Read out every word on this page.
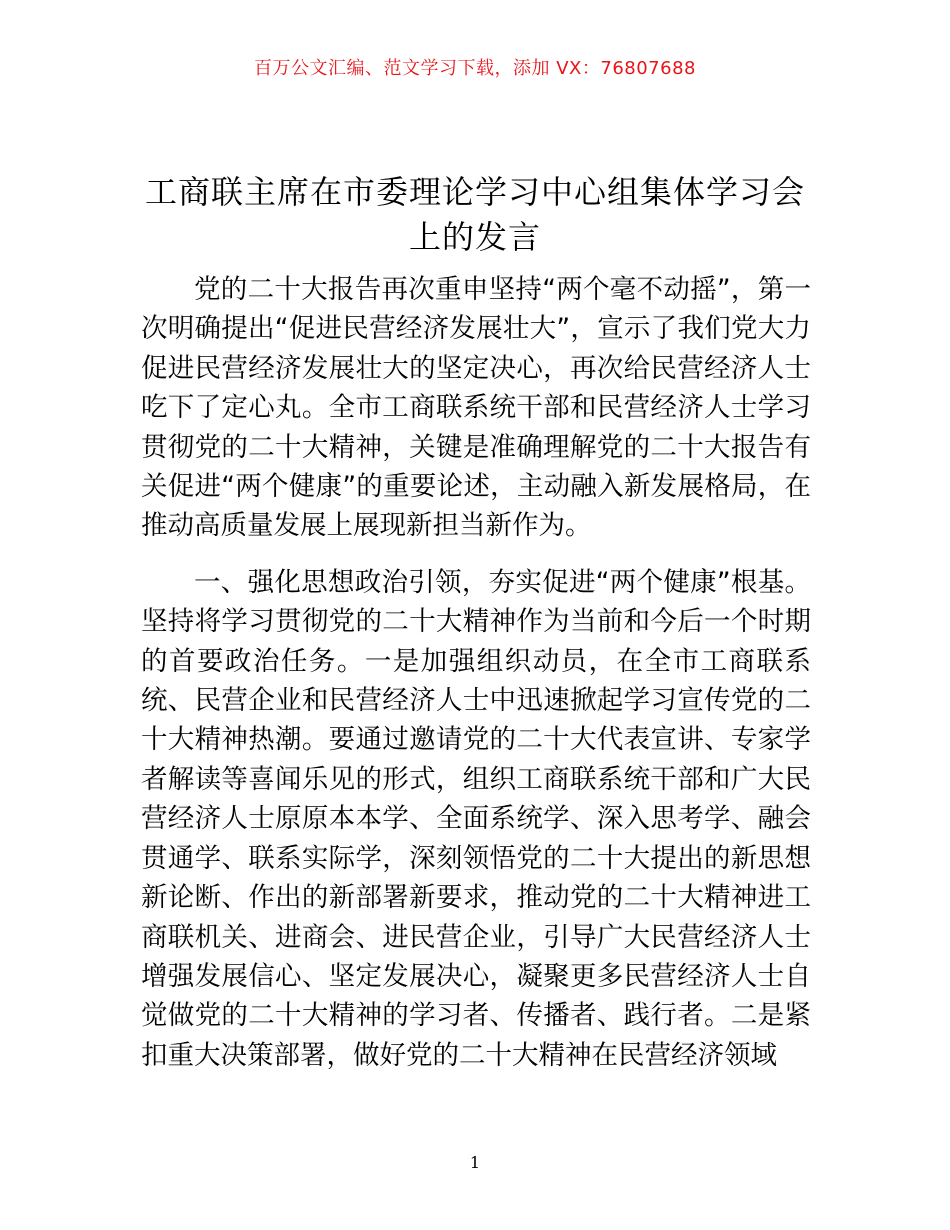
百万公文汇编、范文学习下载，添加 VX：76807688
工商联主席在市委理论学习中心组集体学习会上的发言

党的二十大报告再次重申坚持“两个毫不动摇”，第一次明确提出“促进民营经济发展壮大”，宣示了我们党大力促进民营经济发展壮大的坚定决心，再次给民营经济人士吃下了定心丸。全市工商联系统干部和民营经济人士学习贯彻党的二十大精神，关键是准确理解党的二十大报告有关促进“两个健康”的重要论述，主动融入新发展格局，在推动高质量发展上展现新担当新作为。

一、强化思想政治引领，夯实促进“两个健康”根基。坚持将学习贯彻党的二十大精神作为当前和今后一个时期的首要政治任务。一是加强组织动员，在全市工商联系统、民营企业和民营经济人士中迅速掀起学习宣传党的二十大精神热潮。要通过邀请党的二十大代表宣讲、专家学者解读等喜闻乐见的形式，组织工商联系统干部和广大民营经济人士原原本本学、全面系统学、深入思考学、融会贯通学、联系实际学，深刻领悟党的二十大提出的新思想新论断、作出的新部署新要求，推动党的二十大精神进工商联机关、进商会、进民营企业，引导广大民营经济人士增强发展信心、坚定发展决心，凝聚更多民营经济人士自觉做党的二十大精神的学习者、传播者、践行者。二是紧扣重大决策部署，做好党的二十大精神在民营经济领域

1
